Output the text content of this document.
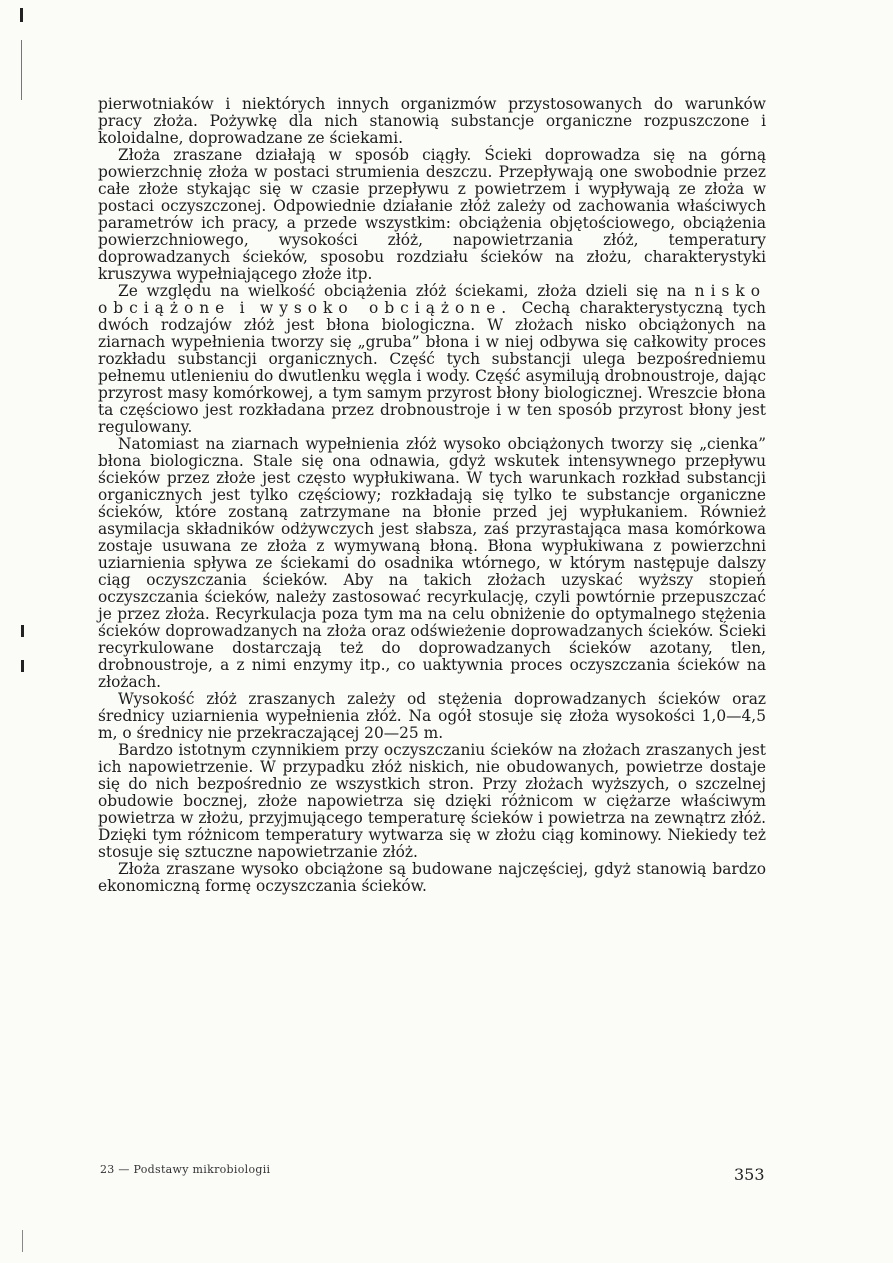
pierwotniaków i niektórych innych organizmów przystosowanych do warunków pracy złoża. Pożywkę dla nich stanowią substancje organiczne rozpuszczone i koloidalne, doprowadzane ze ściekami.

Złoża zraszane działają w sposób ciągły. Ścieki doprowadza się na górną powierzchnię złoża w postaci strumienia deszczu. Przepływają one swobodnie przez całe złoże stykając się w czasie przepływu z powietrzem i wypływają ze złoża w postaci oczyszczonej. Odpowiednie działanie złóż zależy od zachowania właściwych parametrów ich pracy, a przede wszystkim: obciążenia objętościowego, obciążenia powierzchniowego, wysokości złóż, napowietrzania złóż, temperatury doprowadzanych ścieków, sposobu rozdziału ścieków na złożu, charakterystyki kruszywa wypełniającego złoże itp.

Ze względu na wielkość obciążenia złóż ściekami, złoża dzieli się na nisko obciążone i wysoko obciążone. Cechą charakterystyczną tych dwóch rodzajów złóż jest błona biologiczna. W złożach nisko obciążonych na ziarnach wypełnienia tworzy się „gruba” błona i w niej odbywa się całkowity proces rozkładu substancji organicznych. Część tych substancji ulega bezpośredniemu pełnemu utlenieniu do dwutlenku węgla i wody. Część asymilują drobnoustroje, dając przyrost masy komórkowej, a tym samym przyrost błony biologicznej. Wreszcie błona ta częściowo jest rozkładana przez drobnoustroje i w ten sposób przyrost błony jest regulowany.

Natomiast na ziarnach wypełnienia złóż wysoko obciążonych tworzy się „cienka” błona biologiczna. Stale się ona odnawia, gdyż wskutek intensywnego przepływu ścieków przez złoże jest często wypłukiwana. W tych warunkach rozkład substancji organicznych jest tylko częściowy; rozkładają się tylko te substancje organiczne ścieków, które zostaną zatrzymane na błonie przed jej wypłukaniem. Również asymilacja składników odżywczych jest słabsza, zaś przyrastająca masa komórkowa zostaje usuwana ze złoża z wymywaną błoną. Błona wypłukiwana z powierzchni uziarnienia spływa ze ściekami do osadnika wtórnego, w którym następuje dalszy ciąg oczyszczania ścieków. Aby na takich złożach uzyskać wyższy stopień oczyszczania ścieków, należy zastosować recyrkulację, czyli powtórnie przepuszczać je przez złoża. Recyrkulacja poza tym ma na celu obniżenie do optymalnego stężenia ścieków doprowadzanych na złoża oraz odświeżenie doprowadzanych ścieków. Ścieki recyrkulowane dostarczają też do doprowadzanych ścieków azotany, tlen, drobnoustroje, a z nimi enzymy itp., co uaktywnia proces oczyszczania ścieków na złożach.

Wysokość złóż zraszanych zależy od stężenia doprowadzanych ścieków oraz średnicy uziarnienia wypełnienia złóż. Na ogół stosuje się złoża wysokości 1,0—4,5 m, o średnicy nie przekraczającej 20—25 m.

Bardzo istotnym czynnikiem przy oczyszczaniu ścieków na złożach zraszanych jest ich napowietrzenie. W przypadku złóż niskich, nie obudowanych, powietrze dostaje się do nich bezpośrednio ze wszystkich stron. Przy złożach wyższych, o szczelnej obudowie bocznej, złoże napowietrza się dzięki różnicom w ciężarze właściwym powietrza w złożu, przyjmującego temperaturę ścieków i powietrza na zewnątrz złóż. Dzięki tym różnicom temperatury wytwarza się w złożu ciąg kominowy. Niekiedy też stosuje się sztuczne napowietrzanie złóż.

Złoża zraszane wysoko obciążone są budowane najczęściej, gdyż stanowią bardzo ekonomiczną formę oczyszczania ścieków.

23 — Podstawy mikrobiologii	353
